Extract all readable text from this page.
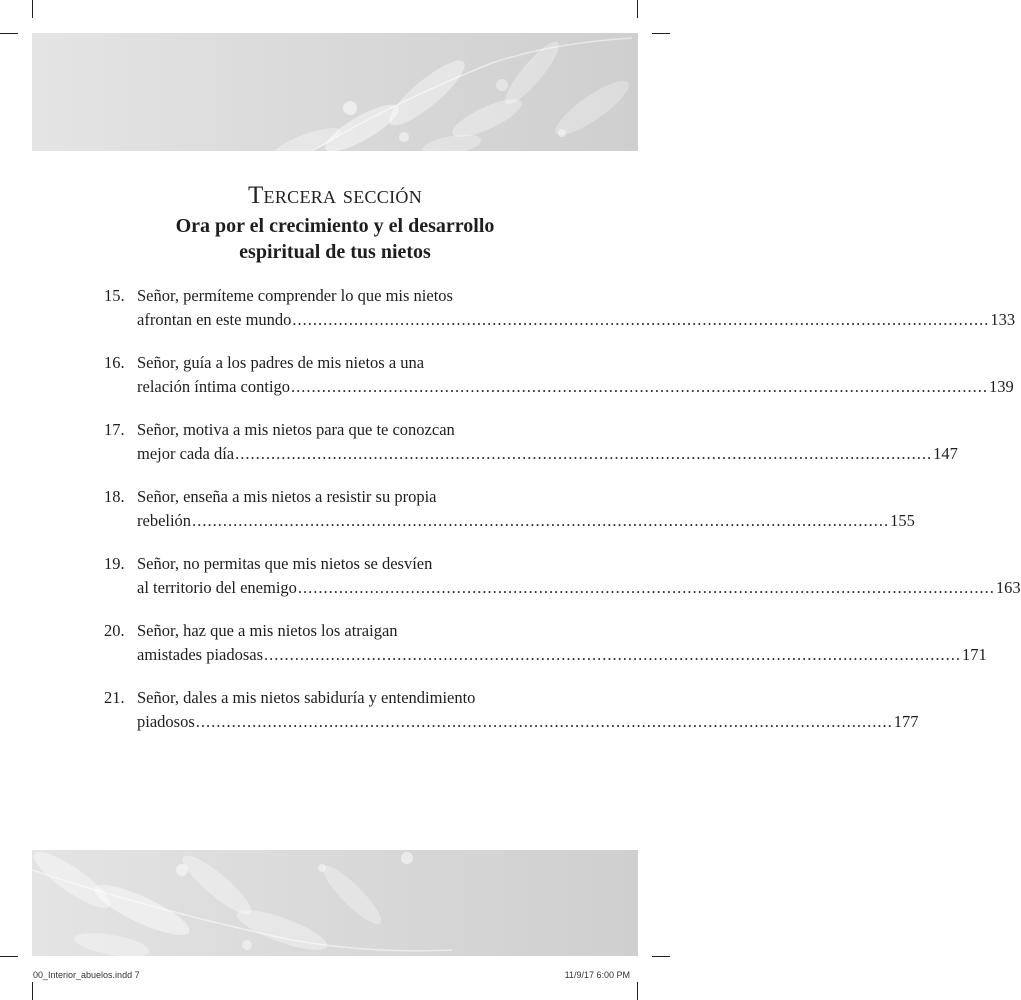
Tercera sección
Ora por el crecimiento y el desarrollo
espiritual de tus nietos
15. Señor, permíteme comprender lo que mis nietos
afrontan en este mundo ........................................................................................................................................ 133
16. Señor, guía a los padres de mis nietos a una
relación íntima contigo ........................................................................................................................................ 139
17. Señor, motiva a mis nietos para que te conozcan
mejor cada día ........................................................................................................................................ 147
18. Señor, enseña a mis nietos a resistir su propia
rebelión ........................................................................................................................................ 155
19. Señor, no permitas que mis nietos se desvíen
al territorio del enemigo ........................................................................................................................................ 163
20. Señor, haz que a mis nietos los atraigan
amistades piadosas ........................................................................................................................................ 171
21. Señor, dales a mis nietos sabiduría y entendimiento
piadosos ........................................................................................................................................ 177
00_Interior_abuelos.indd 7	11/9/17 6:00 PM
